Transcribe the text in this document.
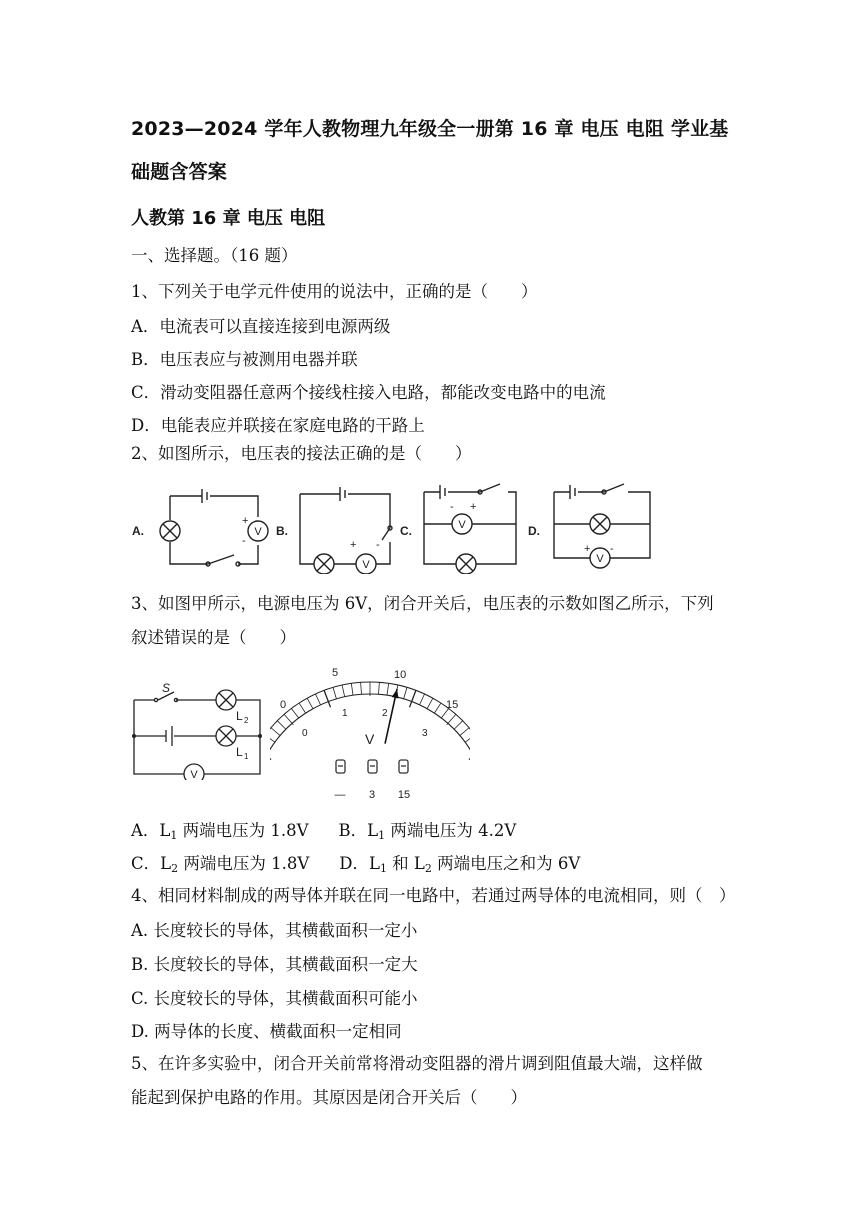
2023—2024 学年人教物理九年级全一册第 16 章 电压 电阻 学业基
础题含答案
人教第 16 章 电压 电阻
一、选择题。（16 题）
1、下列关于电学元件使用的说法中，正确的是（　　）
A．电流表可以直接连接到电源两级
B．电压表应与被测用电器并联
C．滑动变阻器任意两个接线柱接入电路，都能改变电路中的电流
D．电能表应并联接在家庭电路的干路上
2、如图所示，电压表的接法正确的是（　　）
A.	B.	C.	D.
V
V
V
V
+
-	+ -
- +
+ -
3、如图甲所示，电源电压为 6V，闭合开关后，电压表的示数如图乙所示，下列
叙述错误的是（　　）
S
L 2
L 1
V
0
5	10
15
0
1	2
3
V
— 3 15
A．$L_1$ 两端电压为 1.8V B．$L_1$ 两端电压为 4.2V
C．$L_2$ 两端电压为 1.8V D．$L_1$ 和 $L_2$ 两端电压之和为 6V
4、相同材料制成的两导体并联在同一电路中，若通过两导体的电流相同，则（　）
A. 长度较长的导体，其横截面积一定小
B. 长度较长的导体，其横截面积一定大
C. 长度较长的导体，其横截面积可能小
D. 两导体的长度、横截面积一定相同
5、在许多实验中，闭合开关前常将滑动变阻器的滑片调到阻值最大端，这样做
能起到保护电路的作用。其原因是闭合开关后（　　）
